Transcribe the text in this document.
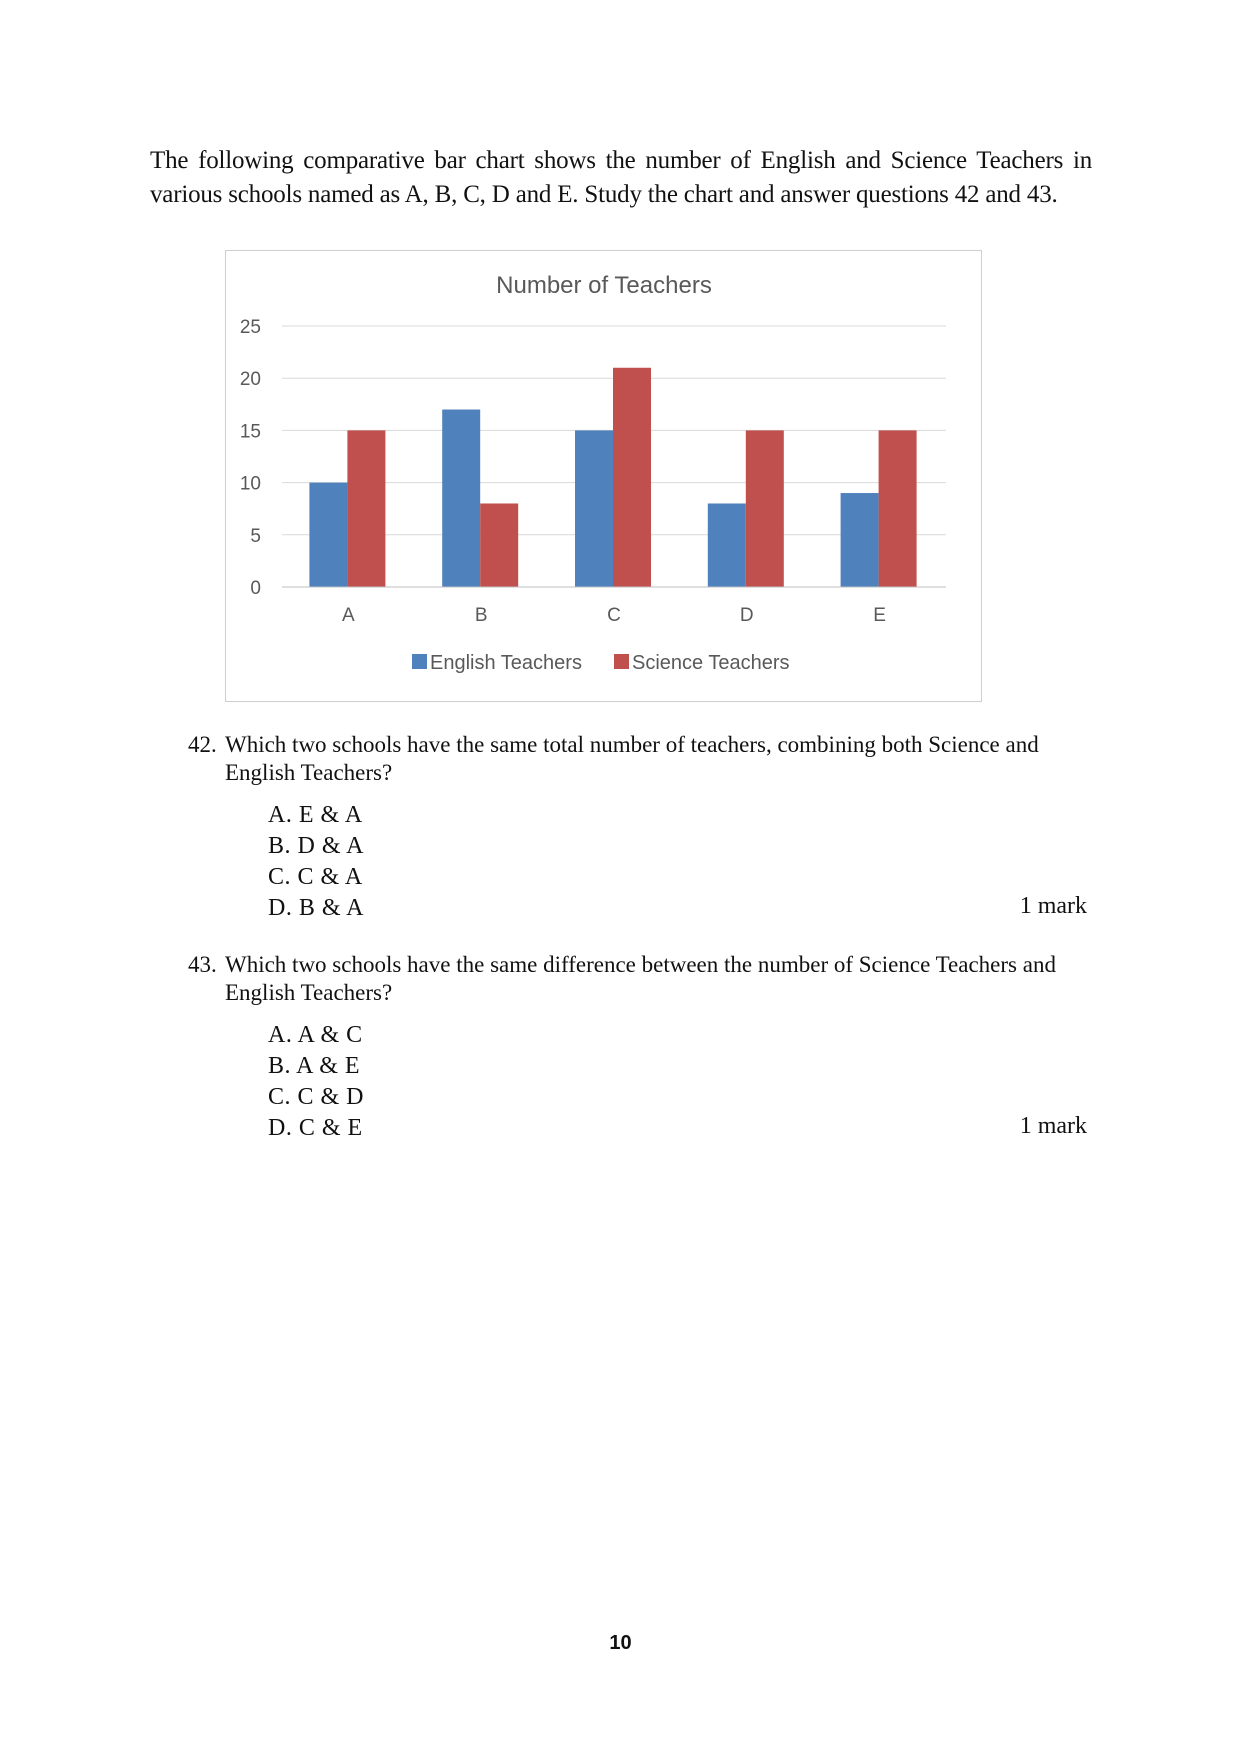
The following comparative bar chart shows the number of English and Science Teachers in various schools named as A, B, C, D and E. Study the chart and answer questions 42 and 43.
Number of Teachers
0
5
10
15
20
25
A	B	C	D	E
English Teachers	Science Teachers
42. Which two schools have the same total number of teachers, combining both Science and English Teachers?
A. E & A
B. D & A
C. C & A
D. B & A	1 mark
43. Which two schools have the same difference between the number of Science Teachers and English Teachers?
A. A & C
B. A & E
C. C & D
D. C & E	1 mark
10
